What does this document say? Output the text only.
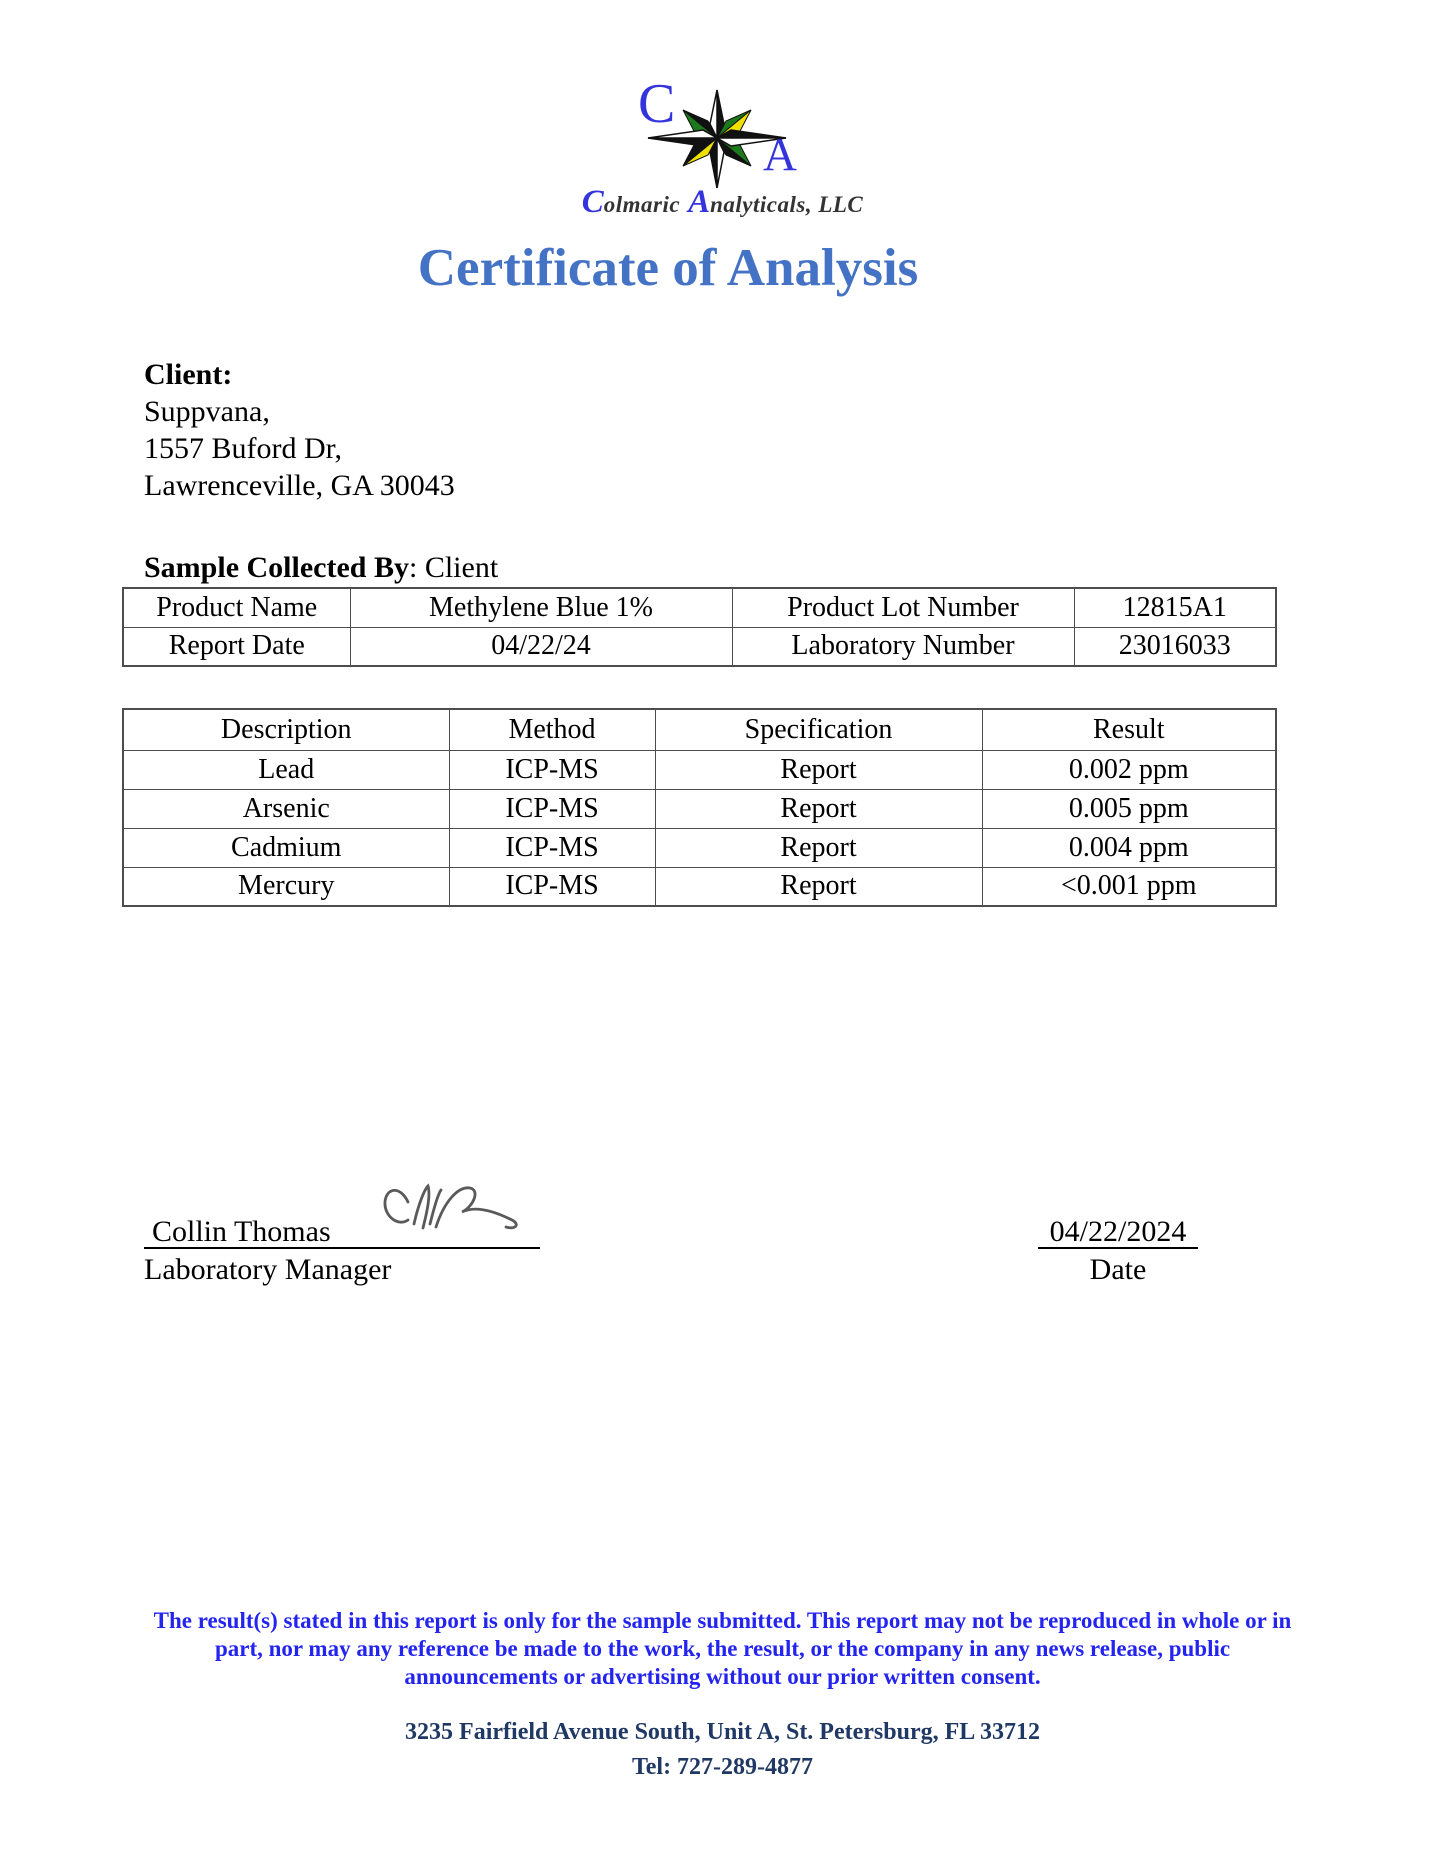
C
A
Colmaric Analyticals, LLC
Certificate of Analysis
Client:
Suppvana,
1557 Buford Dr,
Lawrenceville, GA 30043
Sample Collected By: Client
Product Name	Methylene Blue 1%	Product Lot Number	12815A1
Report Date	04/22/24	Laboratory Number	23016033
Description	Method	Specification	Result
Lead	ICP-MS	Report	0.002 ppm
Arsenic	ICP-MS	Report	0.005 ppm
Cadmium	ICP-MS	Report	0.004 ppm
Mercury	ICP-MS	Report	<0.001 ppm
Collin Thomas
Laboratory Manager
04/22/2024
Date
The result(s) stated in this report is only for the sample submitted. This report may not be reproduced in whole or in part, nor may any reference be made to the work, the result, or the company in any news release, public announcements or advertising without our prior written consent.
3235 Fairfield Avenue South, Unit A, St. Petersburg, FL 33712
Tel: 727-289-4877
